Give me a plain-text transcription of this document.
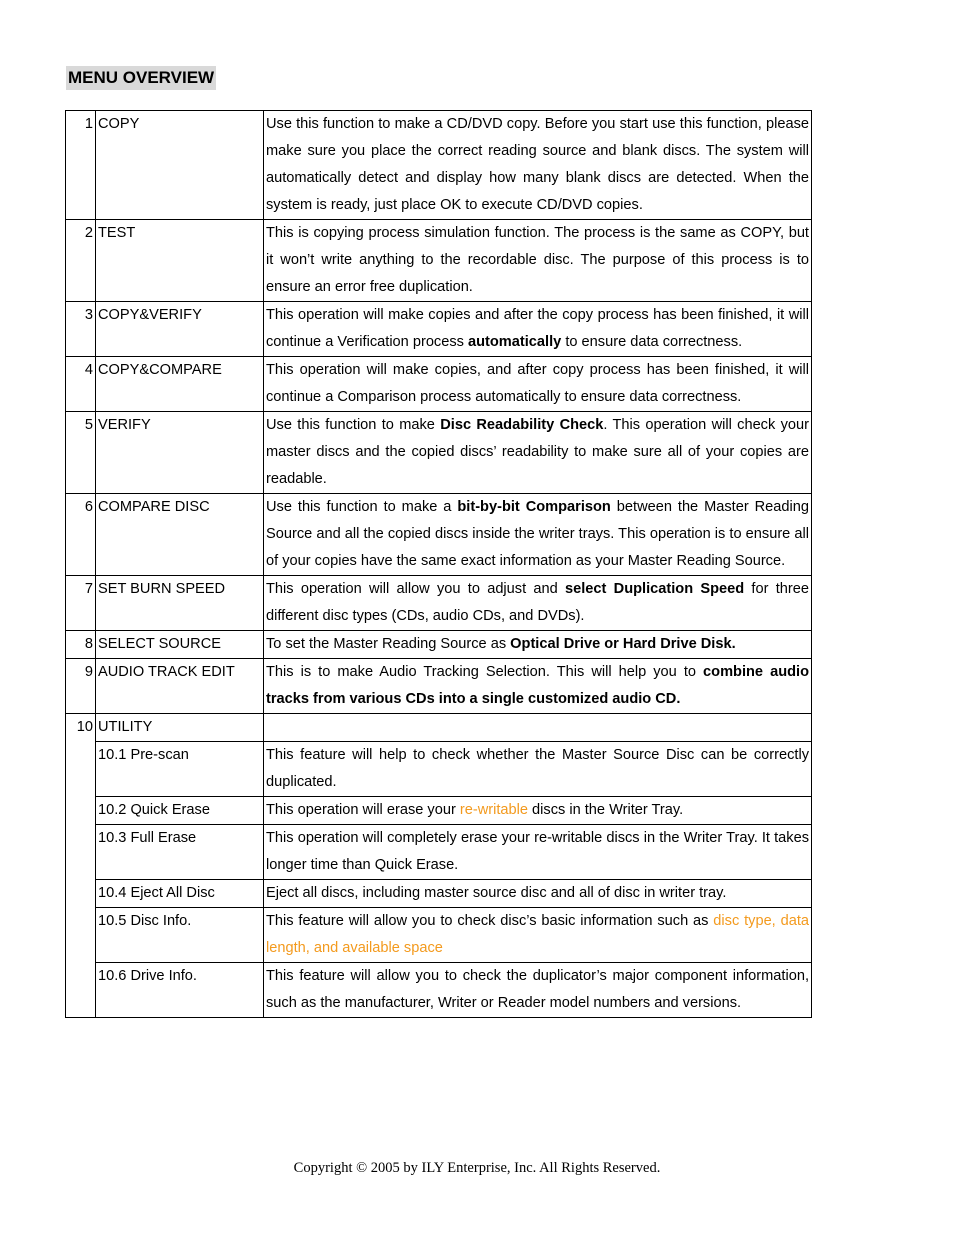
MENU OVERVIEW
1	COPY	Use this function to make a CD/DVD copy. Before you start use this function, please make sure you place the correct reading source and blank discs. The system will automatically detect and display how many blank discs are detected. When the system is ready, just place OK to execute CD/DVD copies.
2	TEST	This is copying process simulation function. The process is the same as COPY, but it won’t write anything to the recordable disc. The purpose of this process is to ensure an error free duplication.
3	COPY&VERIFY	This operation will make copies and after the copy process has been finished, it will continue a Verification process automatically to ensure data correctness.
4	COPY&COMPARE	This operation will make copies, and after copy process has been finished, it will continue a Comparison process automatically to ensure data correctness.
5	VERIFY	Use this function to make Disc Readability Check. This operation will check your master discs and the copied discs’ readability to make sure all of your copies are readable.
6	COMPARE DISC	Use this function to make a bit-by-bit Comparison between the Master Reading Source and all the copied discs inside the writer trays. This operation is to ensure all of your copies have the same exact information as your Master Reading Source.
7	SET BURN SPEED	This operation will allow you to adjust and select Duplication Speed for three different disc types (CDs, audio CDs, and DVDs).
8	SELECT SOURCE	To set the Master Reading Source as Optical Drive or Hard Drive Disk.
9	AUDIO TRACK EDIT	This is to make Audio Tracking Selection. This will help you to combine audio tracks from various CDs into a single customized audio CD.
10	UTILITY	
	10.1 Pre-scan	This feature will help to check whether the Master Source Disc can be correctly duplicated.
	10.2 Quick Erase	This operation will erase your re-writable discs in the Writer Tray.
	10.3 Full Erase	This operation will completely erase your re-writable discs in the Writer Tray. It takes longer time than Quick Erase.
	10.4 Eject All Disc	Eject all discs, including master source disc and all of disc in writer tray.
	10.5 Disc Info.	This feature will allow you to check disc’s basic information such as disc type, data length, and available space
	10.6 Drive Info.	This feature will allow you to check the duplicator’s major component information, such as the manufacturer, Writer or Reader model numbers and versions.
Copyright © 2005 by ILY Enterprise, Inc. All Rights Reserved.
